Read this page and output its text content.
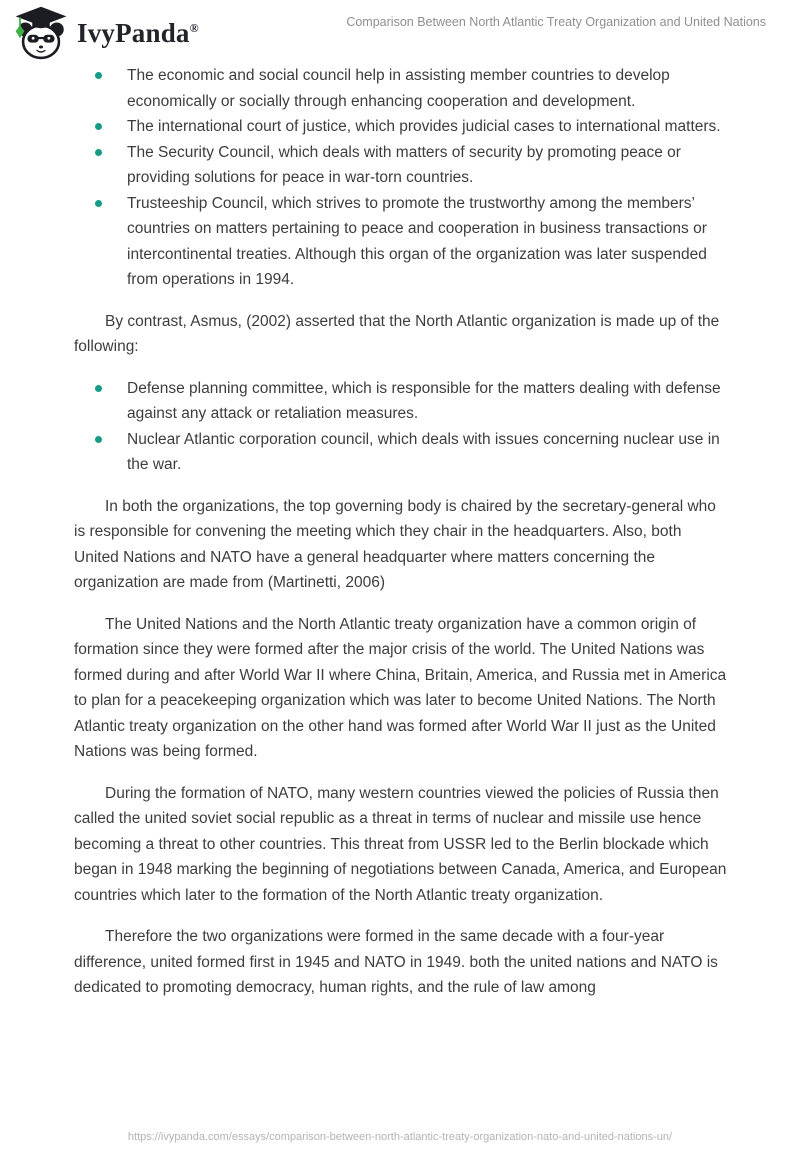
IvyPanda®	Comparison Between North Atlantic Treaty Organization and United Nations
The economic and social council help in assisting member countries to develop economically or socially through enhancing cooperation and development.
The international court of justice, which provides judicial cases to international matters.
The Security Council, which deals with matters of security by promoting peace or providing solutions for peace in war-torn countries.
Trusteeship Council, which strives to promote the trustworthy among the members’ countries on matters pertaining to peace and cooperation in business transactions or intercontinental treaties. Although this organ of the organization was later suspended from operations in 1994.

By contrast, Asmus, (2002) asserted that the North Atlantic organization is made up of the following:

Defense planning committee, which is responsible for the matters dealing with defense against any attack or retaliation measures.
Nuclear Atlantic corporation council, which deals with issues concerning nuclear use in the war.

In both the organizations, the top governing body is chaired by the secretary-general who is responsible for convening the meeting which they chair in the headquarters. Also, both United Nations and NATO have a general headquarter where matters concerning the organization are made from (Martinetti, 2006)

The United Nations and the North Atlantic treaty organization have a common origin of formation since they were formed after the major crisis of the world. The United Nations was formed during and after World War II where China, Britain, America, and Russia met in America to plan for a peacekeeping organization which was later to become United Nations. The North Atlantic treaty organization on the other hand was formed after World War II just as the United Nations was being formed.

During the formation of NATO, many western countries viewed the policies of Russia then called the united soviet social republic as a threat in terms of nuclear and missile use hence becoming a threat to other countries. This threat from USSR led to the Berlin blockade which began in 1948 marking the beginning of negotiations between Canada, America, and European countries which later to the formation of the North Atlantic treaty organization.

Therefore the two organizations were formed in the same decade with a four-year difference, united formed first in 1945 and NATO in 1949. both the united nations and NATO is dedicated to promoting democracy, human rights, and the rule of law among

https://ivypanda.com/essays/comparison-between-north-atlantic-treaty-organization-nato-and-united-nations-un/
